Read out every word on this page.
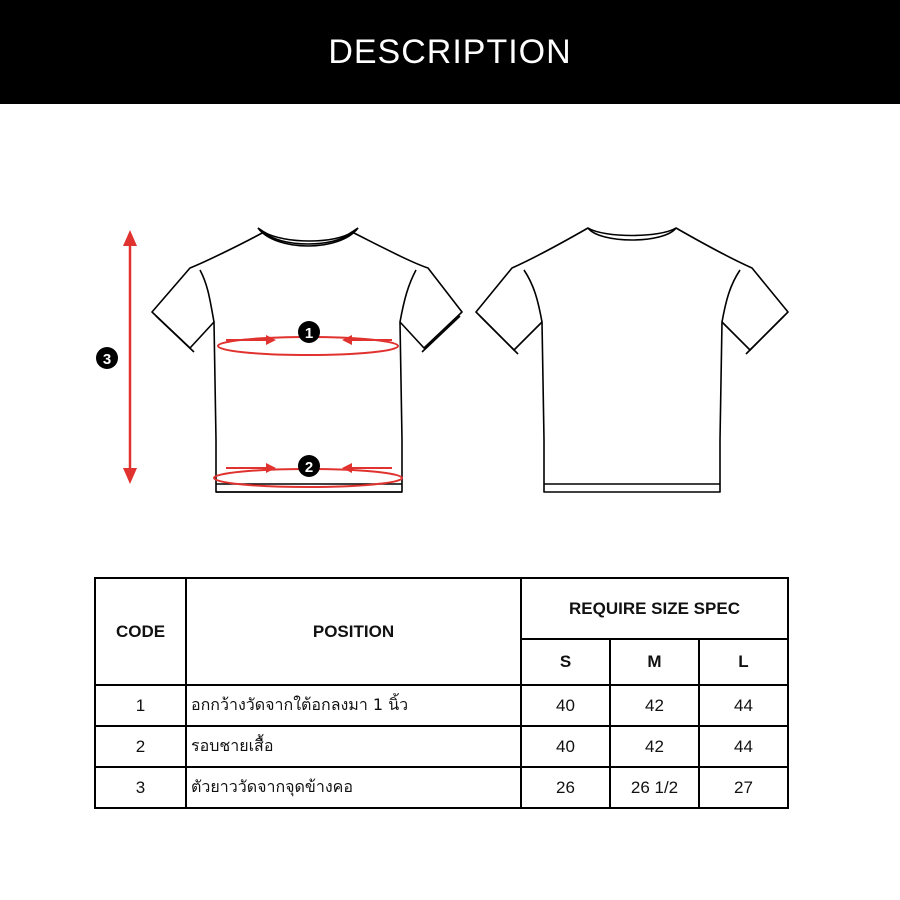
DESCRIPTION
1
2
3
CODE	POSITION	REQUIRE SIZE SPEC		
		S	M	L
1	อกกว้างวัดจากใต้อกลงมา 1 นิ้ว	40	42	44
2	รอบชายเสื้อ	40	42	44
3	ตัวยาววัดจากจุดข้างคอ	26	26 1/2	27
